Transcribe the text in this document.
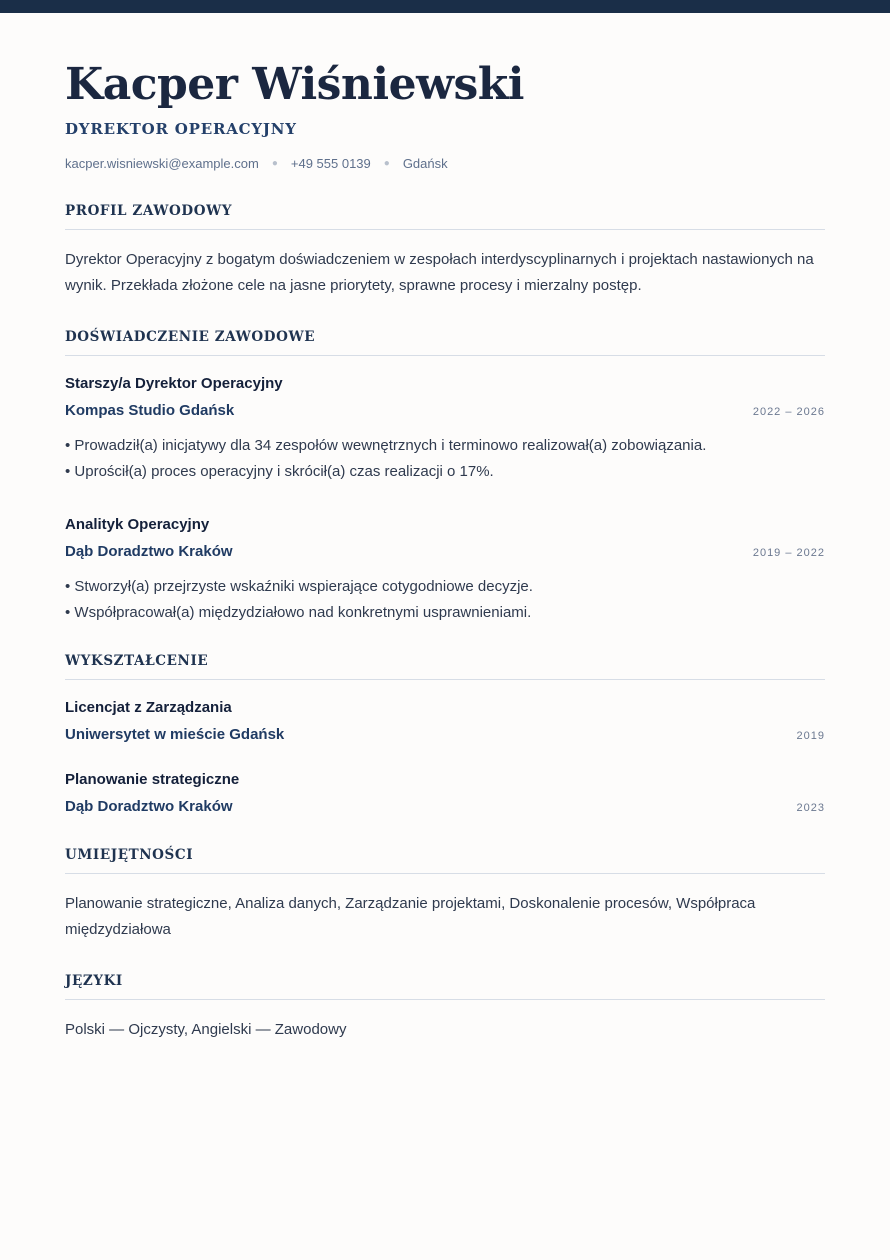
Kacper Wiśniewski
DYREKTOR OPERACYJNY
kacper.wisniewski@example.com ● +49 555 0139 ● Gdańsk
PROFIL ZAWODOWY
Dyrektor Operacyjny z bogatym doświadczeniem w zespołach interdyscyplinarnych i projektach nastawionych na wynik. Przekłada złożone cele na jasne priorytety, sprawne procesy i mierzalny postęp.
DOŚWIADCZENIE ZAWODOWE
Starszy/a Dyrektor Operacyjny
Kompas Studio Gdańsk	2022 – 2026
• Prowadził(a) inicjatywy dla 34 zespołów wewnętrznych i terminowo realizował(a) zobowiązania.
• Uprościł(a) proces operacyjny i skrócił(a) czas realizacji o 17%.
Analityk Operacyjny
Dąb Doradztwo Kraków	2019 – 2022
• Stworzył(a) przejrzyste wskaźniki wspierające cotygodniowe decyzje.
• Współpracował(a) międzydziałowo nad konkretnymi usprawnieniami.
WYKSZTAŁCENIE
Licencjat z Zarządzania
Uniwersytet w mieście Gdańsk	2019
Planowanie strategiczne
Dąb Doradztwo Kraków	2023
UMIEJĘTNOŚCI
Planowanie strategiczne, Analiza danych, Zarządzanie projektami, Doskonalenie procesów, Współpraca międzydziałowa
JĘZYKI
Polski — Ojczysty, Angielski — Zawodowy
